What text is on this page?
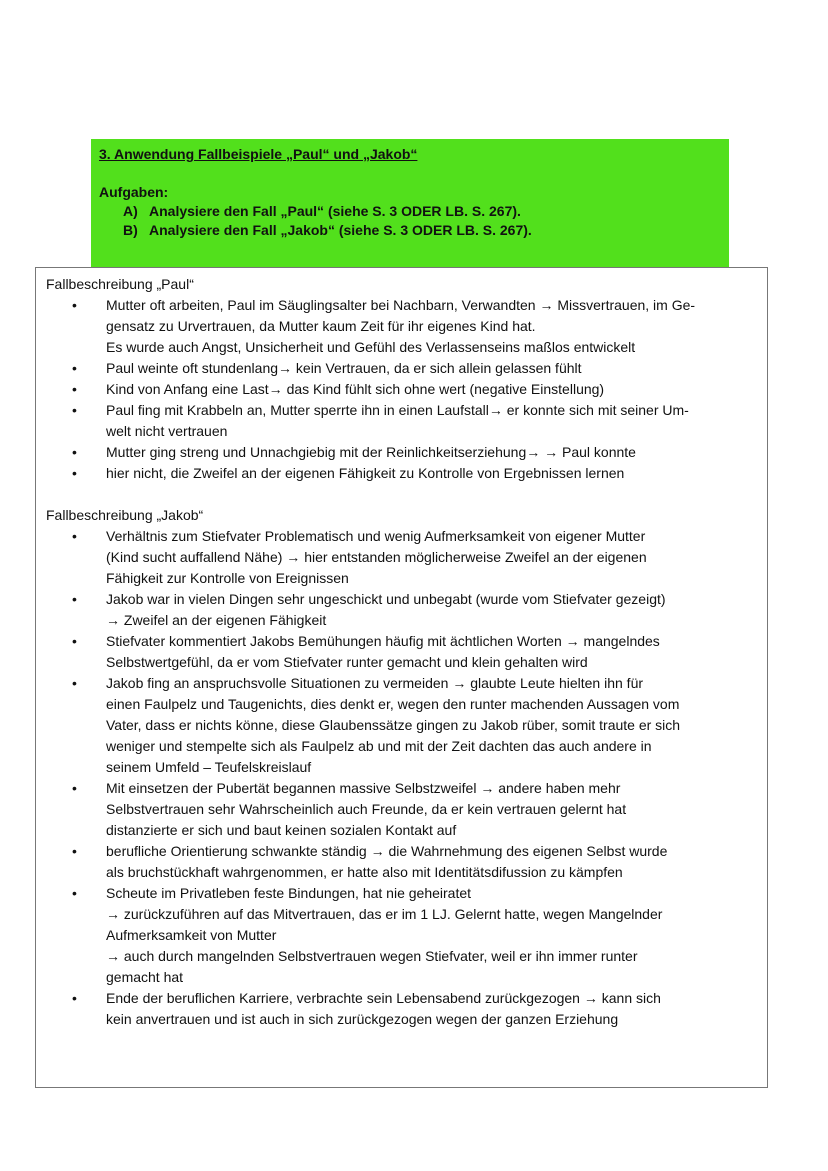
3. Anwendung Fallbeispiele „Paul“ und „Jakob“
Aufgaben:
A) Analysiere den Fall „Paul“ (siehe S. 3 ODER LB. S. 267).
B) Analysiere den Fall „Jakob“ (siehe S. 3 ODER LB. S. 267).
Fallbeschreibung „Paul“
• Mutter oft arbeiten, Paul im Säuglingsalter bei Nachbarn, Verwandten → Missvertrauen, im Ge-
gensatz zu Urvertrauen, da Mutter kaum Zeit für ihr eigenes Kind hat.
Es wurde auch Angst, Unsicherheit und Gefühl des Verlassenseins maßlos entwickelt
• Paul weinte oft stundenlang→ kein Vertrauen, da er sich allein gelassen fühlt
• Kind von Anfang eine Last→ das Kind fühlt sich ohne wert (negative Einstellung)
• Paul fing mit Krabbeln an, Mutter sperrte ihn in einen Laufstall→ er konnte sich mit seiner Um-
welt nicht vertrauen
• Mutter ging streng und Unnachgiebig mit der Reinlichkeitserziehung→ → Paul konnte
• hier nicht, die Zweifel an der eigenen Fähigkeit zu Kontrolle von Ergebnissen lernen
Fallbeschreibung „Jakob“
• Verhältnis zum Stiefvater Problematisch und wenig Aufmerksamkeit von eigener Mutter
(Kind sucht auffallend Nähe) → hier entstanden möglicherweise Zweifel an der eigenen
Fähigkeit zur Kontrolle von Ereignissen
• Jakob war in vielen Dingen sehr ungeschickt und unbegabt (wurde vom Stiefvater gezeigt)
→ Zweifel an der eigenen Fähigkeit
• Stiefvater kommentiert Jakobs Bemühungen häufig mit ächtlichen Worten → mangelndes
Selbstwertgefühl, da er vom Stiefvater runter gemacht und klein gehalten wird
• Jakob fing an anspruchsvolle Situationen zu vermeiden → glaubte Leute hielten ihn für
einen Faulpelz und Taugenichts, dies denkt er, wegen den runter machenden Aussagen vom
Vater, dass er nichts könne, diese Glaubenssätze gingen zu Jakob rüber, somit traute er sich
weniger und stempelte sich als Faulpelz ab und mit der Zeit dachten das auch andere in
seinem Umfeld – Teufelskreislauf
• Mit einsetzen der Pubertät begannen massive Selbstzweifel → andere haben mehr
Selbstvertrauen sehr Wahrscheinlich auch Freunde, da er kein vertrauen gelernt hat
distanzierte er sich und baut keinen sozialen Kontakt auf
• berufliche Orientierung schwankte ständig → die Wahrnehmung des eigenen Selbst wurde
als bruchstückhaft wahrgenommen, er hatte also mit Identitätsdifussion zu kämpfen
• Scheute im Privatleben feste Bindungen, hat nie geheiratet
→ zurückzuführen auf das Mitvertrauen, das er im 1 LJ. Gelernt hatte, wegen Mangelnder
Aufmerksamkeit von Mutter
→ auch durch mangelnden Selbstvertrauen wegen Stiefvater, weil er ihn immer runter
gemacht hat
• Ende der beruflichen Karriere, verbrachte sein Lebensabend zurückgezogen → kann sich
kein anvertrauen und ist auch in sich zurückgezogen wegen der ganzen Erziehung
